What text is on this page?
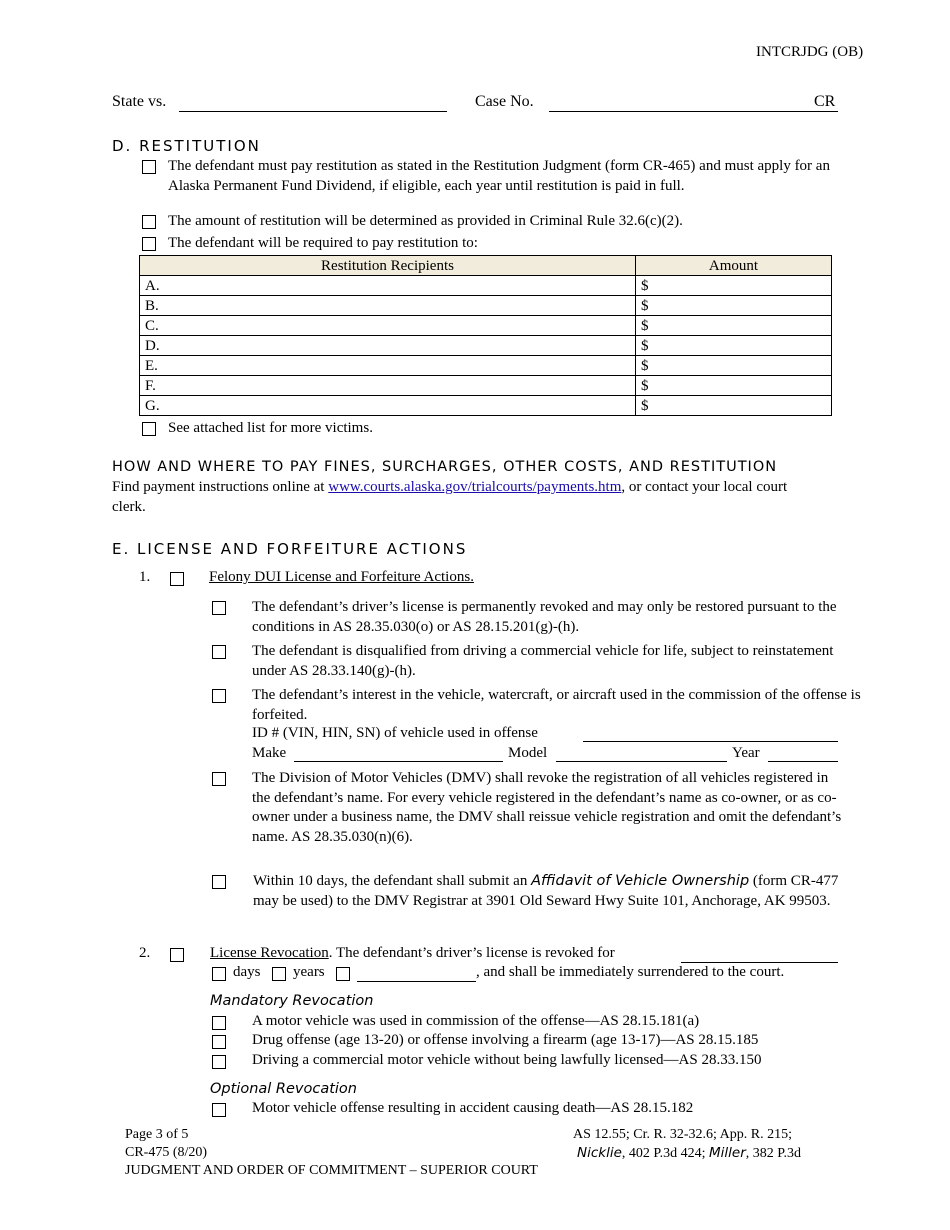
INTCRJDG (OB)
State vs.	Case No.	CR
D. RESTITUTION
The defendant must pay restitution as stated in the Restitution Judgment (form CR-465) and must apply for an Alaska Permanent Fund Dividend, if eligible, each year until restitution is paid in full.
The amount of restitution will be determined as provided in Criminal Rule 32.6(c)(2).
The defendant will be required to pay restitution to:
Restitution Recipients	Amount
A.	$
B.	$
C.	$
D.	$
E.	$
F.	$
G.	$
See attached list for more victims.
HOW AND WHERE TO PAY FINES, SURCHARGES, OTHER COSTS, AND RESTITUTION
Find payment instructions online at www.courts.alaska.gov/trialcourts/payments.htm, or contact your local court clerk.
E. LICENSE AND FORFEITURE ACTIONS
1.	Felony DUI License and Forfeiture Actions.
The defendant’s driver’s license is permanently revoked and may only be restored pursuant to the conditions in AS 28.35.030(o) or AS 28.15.201(g)-(h).
The defendant is disqualified from driving a commercial vehicle for life, subject to reinstatement under AS 28.33.140(g)-(h).
The defendant’s interest in the vehicle, watercraft, or aircraft used in the commission of the offense is forfeited.
ID # (VIN, HIN, SN) of vehicle used in offense
Make	Model	Year
The Division of Motor Vehicles (DMV) shall revoke the registration of all vehicles registered in the defendant’s name. For every vehicle registered in the defendant’s name as co-owner, or as co-owner under a business name, the DMV shall reissue vehicle registration and omit the defendant’s name. AS 28.35.030(n)(6).
Within 10 days, the defendant shall submit an Affidavit of Vehicle Ownership (form CR-477 may be used) to the DMV Registrar at 3901 Old Seward Hwy Suite 101, Anchorage, AK 99503.
2.	License Revocation. The defendant’s driver’s license is revoked for
days years	, and shall be immediately surrendered to the court.
Mandatory Revocation
A motor vehicle was used in commission of the offense—AS 28.15.181(a)
Drug offense (age 13-20) or offense involving a firearm (age 13-17)—AS 28.15.185
Driving a commercial motor vehicle without being lawfully licensed—AS 28.33.150
Optional Revocation
Motor vehicle offense resulting in accident causing death—AS 28.15.182
Page 3 of 5
CR-475 (8/20)
JUDGMENT AND ORDER OF COMMITMENT – SUPERIOR COURT
AS 12.55; Cr. R. 32-32.6; App. R. 215;
Nicklie, 402 P.3d 424; Miller, 382 P.3d
